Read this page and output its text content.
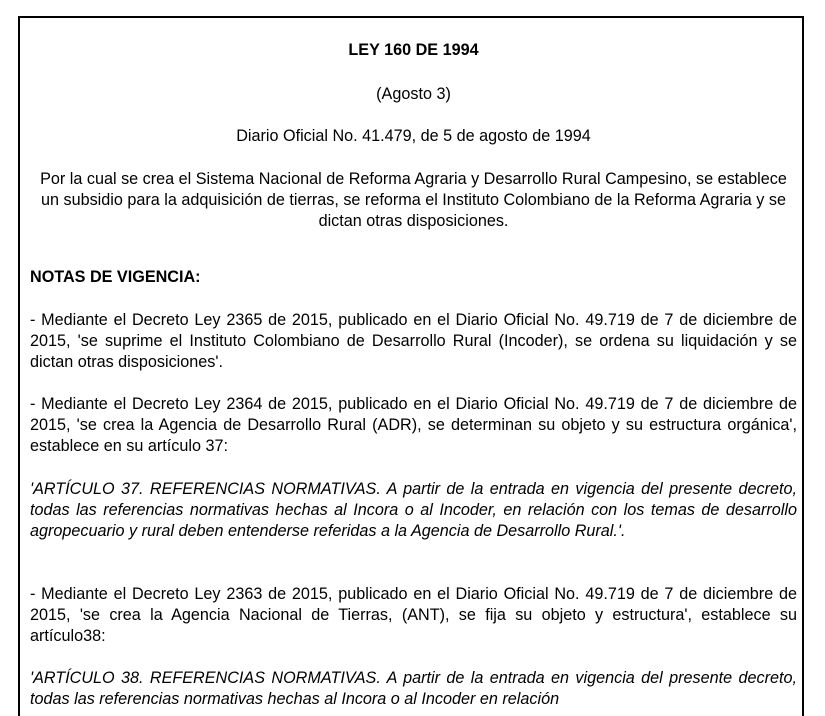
LEY 160 DE 1994
(Agosto 3)
Diario Oficial No. 41.479, de 5 de agosto de 1994
Por la cual se crea el Sistema Nacional de Reforma Agraria y Desarrollo Rural Campesino, se establece un subsidio para la adquisición de tierras, se reforma el Instituto Colombiano de la Reforma Agraria y se dictan otras disposiciones.
NOTAS DE VIGENCIA:
- Mediante el Decreto Ley 2365 de 2015, publicado en el Diario Oficial No. 49.719 de 7 de diciembre de 2015, 'se suprime el Instituto Colombiano de Desarrollo Rural (Incoder), se ordena su liquidación y se dictan otras disposiciones'.
- Mediante el Decreto Ley 2364 de 2015, publicado en el Diario Oficial No. 49.719 de 7 de diciembre de 2015, 'se crea la Agencia de Desarrollo Rural (ADR), se determinan su objeto y su estructura orgánica', establece en su artículo 37:
'ARTÍCULO 37. REFERENCIAS NORMATIVAS. A partir de la entrada en vigencia del presente decreto, todas las referencias normativas hechas al Incora o al Incoder, en relación con los temas de desarrollo agropecuario y rural deben entenderse referidas a la Agencia de Desarrollo Rural.'.
- Mediante el Decreto Ley 2363 de 2015, publicado en el Diario Oficial No. 49.719 de 7 de diciembre de 2015, 'se crea la Agencia Nacional de Tierras, (ANT), se fija su objeto y estructura', establece su artículo38:
'ARTÍCULO 38. REFERENCIAS NORMATIVAS. A partir de la entrada en vigencia del presente decreto, todas las referencias normativas hechas al Incora o al Incoder en relación
